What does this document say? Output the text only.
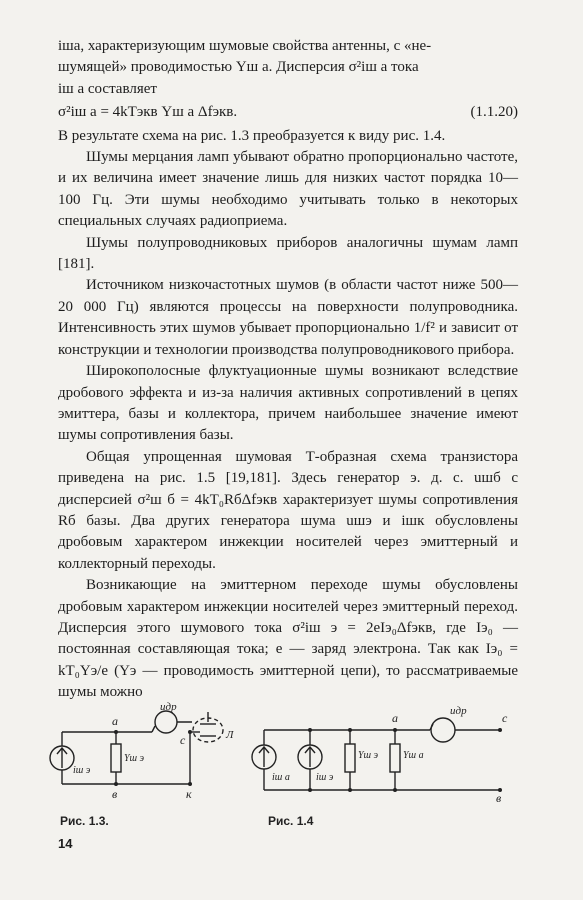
iша, характеризующим шумовые свойства антенны, с «не-
шумящей» проводимостью Yш а. Дисперсия σ²iш а тока
iш а составляет
σ²iш а = 4kTэкв Yш а Δfэкв.	(1.1.20)

В результате схема на рис. 1.3 преобразуется к виду рис. 1.4.

Шумы мерцания ламп убывают обратно пропорционально частоте, и их величина имеет значение лишь для низких частот порядка 10—100 Гц. Эти шумы необходимо учитывать только в некоторых специальных случаях радиоприема.

Шумы полупроводниковых приборов аналогичны шумам ламп [181].

Источником низкочастотных шумов (в области частот ниже 500—20 000 Гц) являются процессы на поверхности полупроводника. Интенсивность этих шумов убывает пропорционально 1/f² и зависит от конструкции и технологии производства полупроводникового прибора.

Широкополосные флуктуационные шумы возникают вследствие дробового эффекта и из-за наличия активных сопротивлений в цепях эмиттера, базы и коллектора, причем наибольшее значение имеют шумы сопротивления базы.

Общая упрощенная шумовая Т-образная схема транзистора приведена на рис. 1.5 [19,181]. Здесь генератор э. д. с. uшб с дисперсией σ²ш б = 4kT₀RбΔfэкв характеризует шумы сопротивления Rб базы. Два других генератора шума uшэ и iшк обусловлены дробовым характером инжекции носителей через эмиттерный и коллекторный переходы.

Возникающие на эмиттерном переходе шумы обусловлены дробовым характером инжекции носителей через эмиттерный переход. Дисперсия этого шумового тока σ²iш э = 2eIэ₀Δfэкв, где Iэ₀ — постоянная составляющая тока; e — заряд электрона. Так как Iэ₀ = kT₀Yэ/e (Yэ — проводимость эмиттерной цепи), то рассматриваемые шумы можно

а
uдр
с	Л
iш э
Yш э
в	к
а	uдр	с
iш а	iш э
Yш э Yш а
в
Рис. 1.3.	Рис. 1.4
14
